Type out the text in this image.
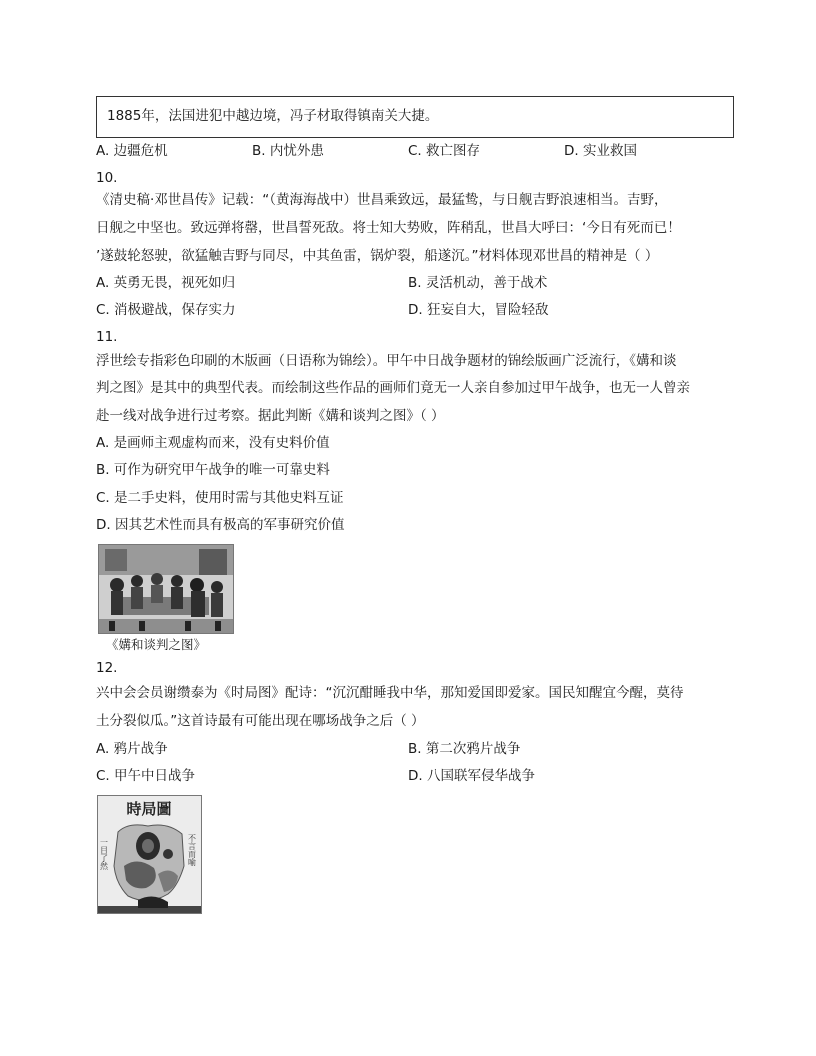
1885年，法国进犯中越边境，冯子材取得镇南关大捷。
A. 边疆危机	B. 内忧外患	C. 救亡图存	D. 实业救国
10.
《清史稿·邓世昌传》记载：“（黄海海战中）世昌乘致远，最猛鸷，与日舰吉野浪速相当。吉野，
日舰之中坚也。致远弹将罄，世昌誓死敌。将士知大势败，阵稍乱，世昌大呼曰：‘今日有死而已！
’遂鼓轮怒驶，欲猛触吉野与同尽，中其鱼雷，锅炉裂，船遂沉。”材料体现邓世昌的精神是（ ）
A. 英勇无畏，视死如归	B. 灵活机动，善于战术
C. 消极避战，保存实力	D. 狂妄自大，冒险轻敌
11.
浮世绘专指彩色印刷的木版画（日语称为锦绘）。甲午中日战争题材的锦绘版画广泛流行，《媾和谈
判之图》是其中的典型代表。而绘制这些作品的画师们竟无一人亲自参加过甲午战争，也无一人曾亲
赴一线对战争进行过考察。据此判断《媾和谈判之图》（ ）
A. 是画师主观虚构而来，没有史料价值
B. 可作为研究甲午战争的唯一可靠史料
C. 是二手史料，使用时需与其他史料互证
D. 因其艺术性而具有极高的军事研究价值
《媾和谈判之图》
12.
兴中会会员谢缵泰为《时局图》配诗：“沉沉酣睡我中华，那知爱国即爱家。国民知醒宜今醒，莫待
土分裂似瓜。”这首诗最有可能出现在哪场战争之后（ ）
A. 鸦片战争	B. 第二次鸦片战争
C. 甲午中日战争	D. 八国联军侵华战争
時局圖
一目了然	不言而喻
